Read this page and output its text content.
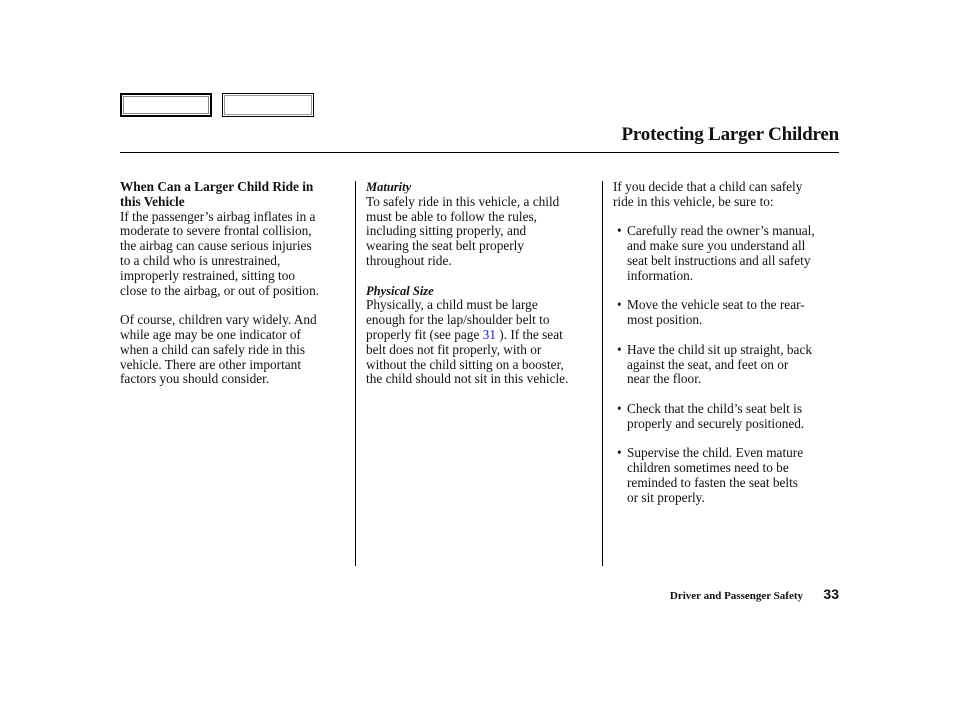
Protecting Larger Children
When Can a Larger Child Ride in
this Vehicle
If the passenger’s airbag inflates in a
moderate to severe frontal collision,
the airbag can cause serious injuries
to a child who is unrestrained,
improperly restrained, sitting too
close to the airbag, or out of position.
Of course, children vary widely. And
while age may be one indicator of
when a child can safely ride in this
vehicle. There are other important
factors you should consider.
Maturity
To safely ride in this vehicle, a child
must be able to follow the rules,
including sitting properly, and
wearing the seat belt properly
throughout ride.
Physical Size
Physically, a child must be large
enough for the lap/shoulder belt to
properly fit (see page 31 ). If the seat
belt does not fit properly, with or
without the child sitting on a booster,
the child should not sit in this vehicle.
If you decide that a child can safely
ride in this vehicle, be sure to:
• Carefully read the owner’s manual,
and make sure you understand all
seat belt instructions and all safety
information.
• Move the vehicle seat to the rear-
most position.
• Have the child sit up straight, back
against the seat, and feet on or
near the floor.
• Check that the child’s seat belt is
properly and securely positioned.
• Supervise the child. Even mature
children sometimes need to be
reminded to fasten the seat belts
or sit properly.
Driver and Passenger Safety 33
